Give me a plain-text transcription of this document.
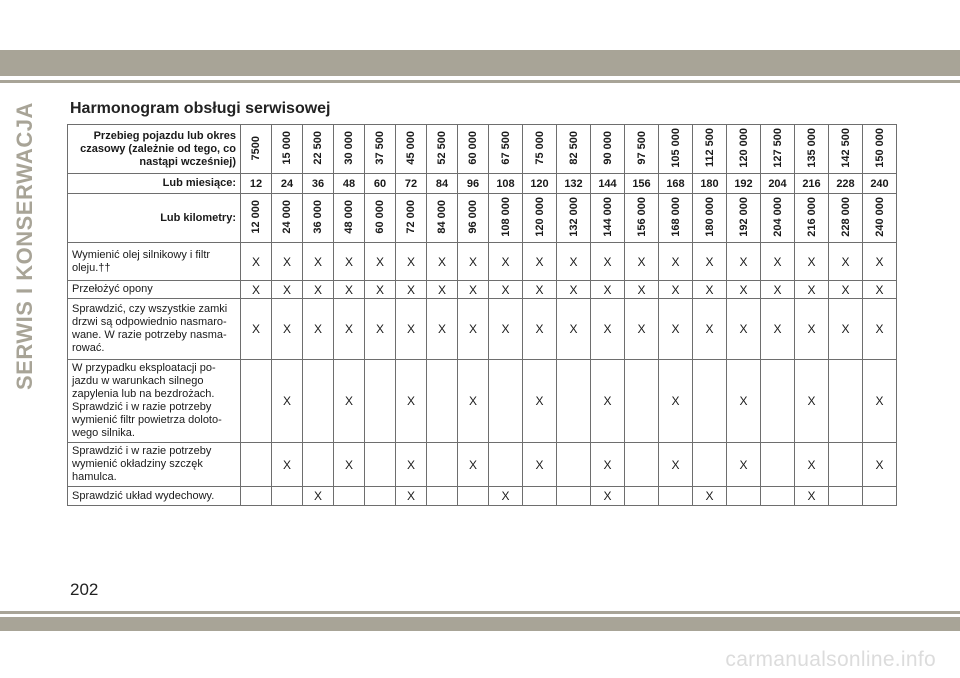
SERWIS I KONSERWACJA Harmonogram obsługi serwisowej
Przebieg pojazdu lub okres czasowy (zależnie od tego, co nastąpi wcześniej)	7500	15 000	22 500	30 000	37 500	45 000	52 500	60 000	67 500	75 000	82 500	90 000	97 500	105 000	112 500	120 000	127 500	135 000	142 500	150 000

Lub miesiące:	12	24	36	48	60	72	84	96	108	120	132	144	156	168	180	192	204	216	228	240
Lub kilometry:	12 000	24 000	36 000	48 000	60 000	72 000	84 000	96 000	108 000	120 000	132 000	144 000	156 000	168 000	180 000	192 000	204 000	216 000	228 000	240 000

Wymienić olej silnikowy i filtr oleju.††	X	X	X	X	X	X	X	X	X	X	X	X	X	X	X	X	X	X	X	X
Przełożyć opony	X	X	X	X	X	X	X	X	X	X	X	X	X	X	X	X	X	X	X	X
Sprawdzić, czy wszystkie zamki drzwi są odpowiednio nasmaro-wane. W razie potrzeby nasma-rować.	X	X	X	X	X	X	X	X	X	X	X	X	X	X	X	X	X	X	X	X
W przypadku eksploatacji po-jazdu w warunkach silnego zapylenia lub na bezdrożach. Sprawdzić i w razie potrzeby wymienić filtr powietrza doloto-wego silnika.		X		X		X		X		X		X		X		X		X		X
Sprawdzić i w razie potrzeby wymienić okładziny szczęk hamulca.		X		X		X		X		X		X		X		X		X		X
Sprawdzić układ wydechowy.			X			X			X			X			X			X		
202
carmanualsonline.info
